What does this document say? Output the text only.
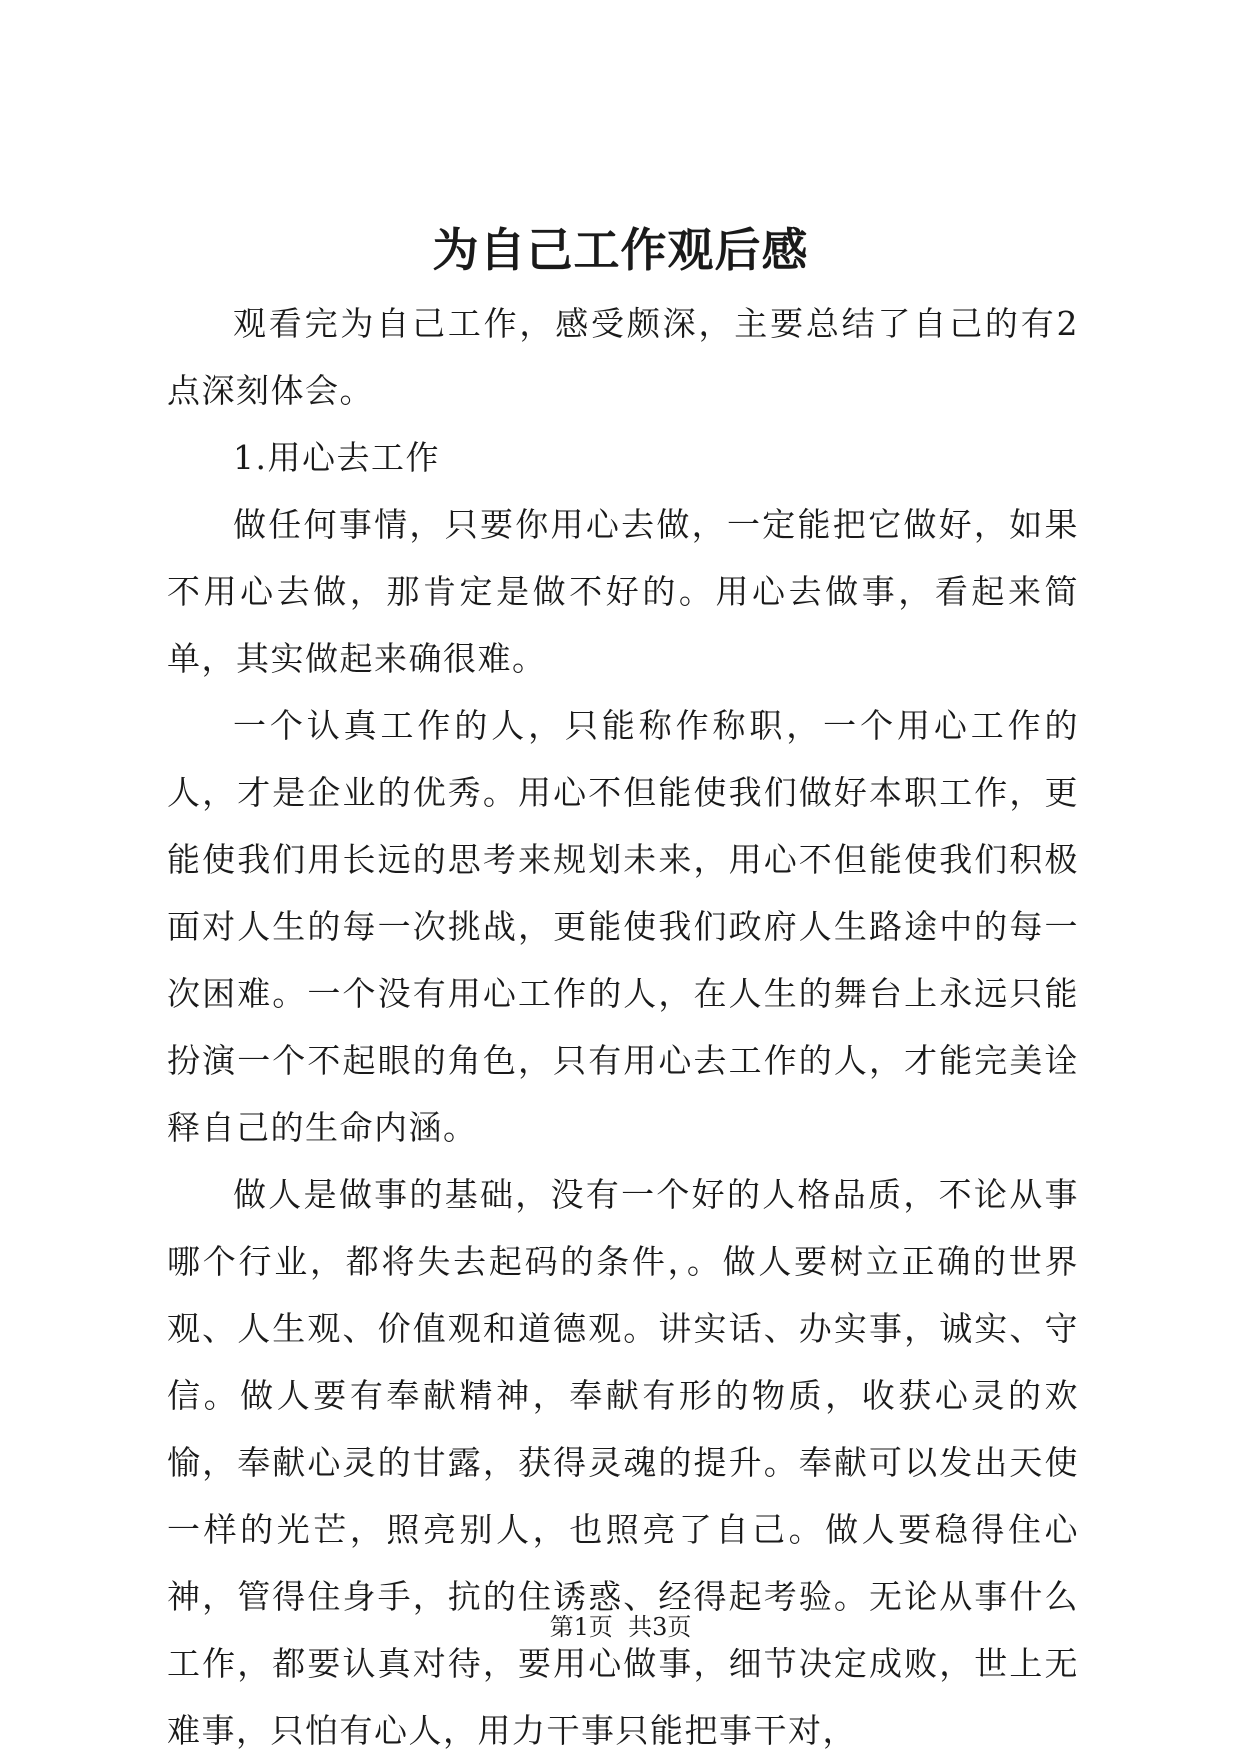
为自己工作观后感

观看完为自己工作，感受颇深，主要总结了自己的有2点深刻体会。

1.用心去工作

做任何事情，只要你用心去做，一定能把它做好，如果不用心去做，那肯定是做不好的。用心去做事，看起来简单，其实做起来确很难。

一个认真工作的人，只能称作称职，一个用心工作的人，才是企业的优秀。用心不但能使我们做好本职工作，更能使我们用长远的思考来规划未来，用心不但能使我们积极面对人生的每一次挑战，更能使我们政府人生路途中的每一次困难。一个没有用心工作的人，在人生的舞台上永远只能扮演一个不起眼的角色，只有用心去工作的人，才能完美诠释自己的生命内涵。

做人是做事的基础，没有一个好的人格品质，不论从事哪个行业，都将失去起码的条件，。做人要树立正确的世界观、人生观、价值观和道德观。讲实话、办实事，诚实、守信。做人要有奉献精神，奉献有形的物质，收获心灵的欢愉，奉献心灵的甘露，获得灵魂的提升。奉献可以发出天使一样的光芒，照亮别人，也照亮了自己。做人要稳得住心神，管得住身手，抗的住诱惑、经得起考验。无论从事什么工作，都要认真对待，要用心做事，细节决定成败，世上无难事，只怕有心人，用力干事只能把事干对，

第1页  共3页
